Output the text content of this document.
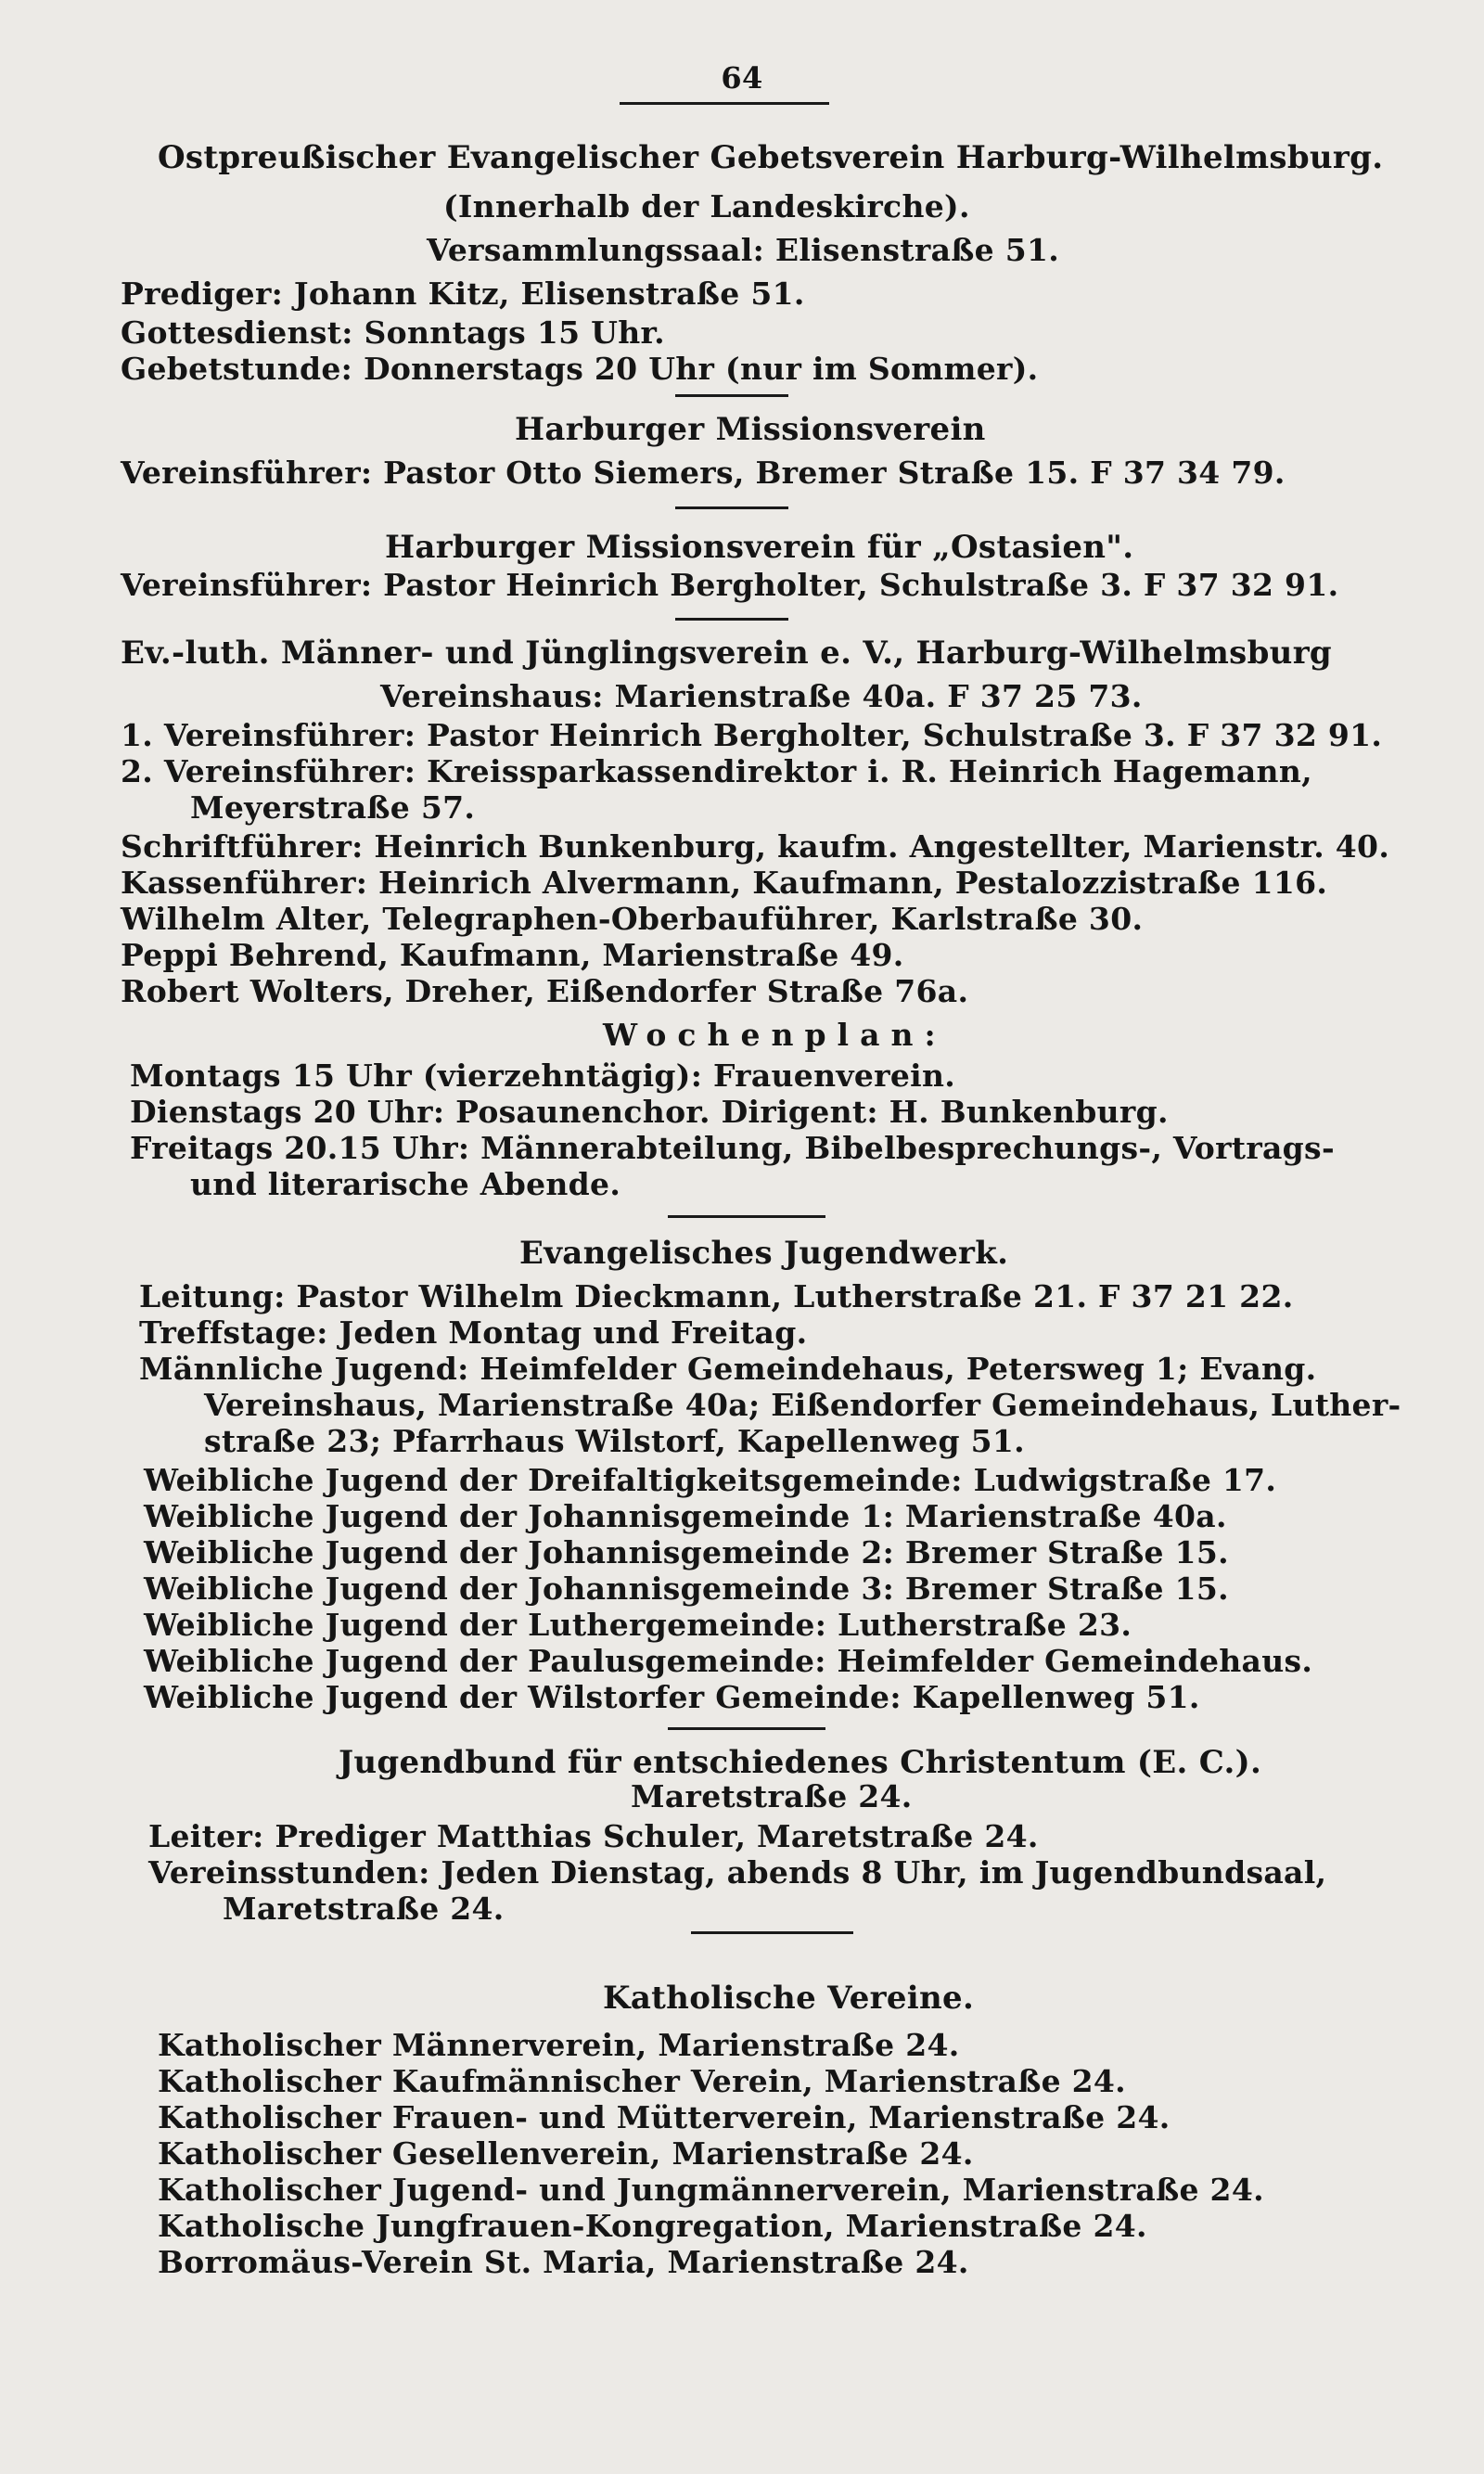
64
Ostpreußischer Evangelischer Gebetsverein Harburg-Wilhelmsburg.
(Innerhalb der Landeskirche).
Versammlungssaal: Elisenstraße 51.
Prediger: Johann Kitz, Elisenstraße 51.
Gottesdienst: Sonntags 15 Uhr.
Gebetstunde: Donnerstags 20 Uhr (nur im Sommer).
Harburger Missionsverein
Vereinsführer: Pastor Otto Siemers, Bremer Straße 15. F 37 34 79.
Harburger Missionsverein für „Ostasien".
Vereinsführer: Pastor Heinrich Bergholter, Schulstraße 3. F 37 32 91.
Ev.-luth. Männer- und Jünglingsverein e. V., Harburg-Wilhelmsburg
Vereinshaus: Marienstraße 40a. F 37 25 73.
1. Vereinsführer: Pastor Heinrich Bergholter, Schulstraße 3. F 37 32 91.
2. Vereinsführer: Kreissparkassendirektor i. R. Heinrich Hagemann,
Meyerstraße 57.
Schriftführer: Heinrich Bunkenburg, kaufm. Angestellter, Marienstr. 40.
Kassenführer: Heinrich Alvermann, Kaufmann, Pestalozzistraße 116.
Wilhelm Alter, Telegraphen-Oberbauführer, Karlstraße 30.
Peppi Behrend, Kaufmann, Marienstraße 49.
Robert Wolters, Dreher, Eißendorfer Straße 76a.
Wochenplan:
Montags 15 Uhr (vierzehntägig): Frauenverein.
Dienstags 20 Uhr: Posaunenchor. Dirigent: H. Bunkenburg.
Freitags 20.15 Uhr: Männerabteilung, Bibelbesprechungs-, Vortrags-
und literarische Abende.
Evangelisches Jugendwerk.
Leitung: Pastor Wilhelm Dieckmann, Lutherstraße 21. F 37 21 22.
Treffstage: Jeden Montag und Freitag.
Männliche Jugend: Heimfelder Gemeindehaus, Petersweg 1; Evang.
Vereinshaus, Marienstraße 40a; Eißendorfer Gemeindehaus, Luther-
straße 23; Pfarrhaus Wilstorf, Kapellenweg 51.
Weibliche Jugend der Dreifaltigkeitsgemeinde: Ludwigstraße 17.
Weibliche Jugend der Johannisgemeinde 1: Marienstraße 40a.
Weibliche Jugend der Johannisgemeinde 2: Bremer Straße 15.
Weibliche Jugend der Johannisgemeinde 3: Bremer Straße 15.
Weibliche Jugend der Luthergemeinde: Lutherstraße 23.
Weibliche Jugend der Paulusgemeinde: Heimfelder Gemeindehaus.
Weibliche Jugend der Wilstorfer Gemeinde: Kapellenweg 51.
Jugendbund für entschiedenes Christentum (E. C.).
Maretstraße 24.
Leiter: Prediger Matthias Schuler, Maretstraße 24.
Vereinsstunden: Jeden Dienstag, abends 8 Uhr, im Jugendbundsaal,
Maretstraße 24.
Katholische Vereine.
Katholischer Männerverein, Marienstraße 24.
Katholischer Kaufmännischer Verein, Marienstraße 24.
Katholischer Frauen- und Mütterverein, Marienstraße 24.
Katholischer Gesellenverein, Marienstraße 24.
Katholischer Jugend- und Jungmännerverein, Marienstraße 24.
Katholische Jungfrauen-Kongregation, Marienstraße 24.
Borromäus-Verein St. Maria, Marienstraße 24.
